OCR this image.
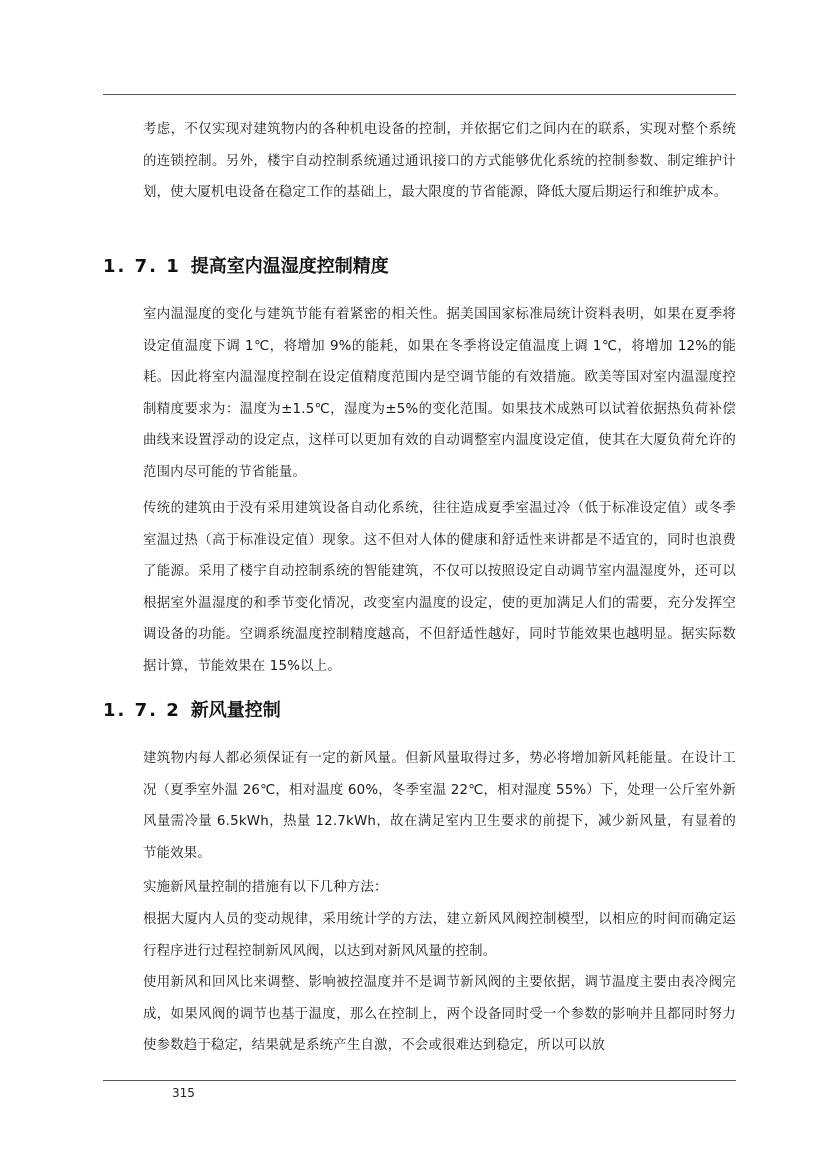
考虑，不仅实现对建筑物内的各种机电设备的控制，并依据它们之间内在的联系，实现对整个系统的连锁控制。另外，楼宇自动控制系统通过通讯接口的方式能够优化系统的控制参数、制定维护计划，使大厦机电设备在稳定工作的基础上，最大限度的节省能源，降低大厦后期运行和维护成本。

1. 7. 1 提高室内温湿度控制精度

室内温湿度的变化与建筑节能有着紧密的相关性。据美国国家标准局统计资料表明，如果在夏季将设定值温度下调 1℃，将增加 9%的能耗，如果在冬季将设定值温度上调 1℃，将增加 12%的能耗。因此将室内温湿度控制在设定值精度范围内是空调节能的有效措施。欧美等国对室内温湿度控制精度要求为：温度为±1.5℃，湿度为±5%的变化范围。如果技术成熟可以试着依据热负荷补偿曲线来设置浮动的设定点，这样可以更加有效的自动调整室内温度设定值，使其在大厦负荷允许的范围内尽可能的节省能量。

传统的建筑由于没有采用建筑设备自动化系统，往往造成夏季室温过冷（低于标准设定值）或冬季室温过热（高于标准设定值）现象。这不但对人体的健康和舒适性来讲都是不适宜的，同时也浪费了能源。采用了楼宇自动控制系统的智能建筑，不仅可以按照设定自动调节室内温湿度外，还可以根据室外温湿度的和季节变化情况，改变室内温度的设定，使的更加满足人们的需要，充分发挥空调设备的功能。空调系统温度控制精度越高，不但舒适性越好，同时节能效果也越明显。据实际数据计算，节能效果在 15%以上。

1. 7. 2 新风量控制

建筑物内每人都必须保证有一定的新风量。但新风量取得过多，势必将增加新风耗能量。在设计工况（夏季室外温 26℃，相对温度 60%，冬季室温 22℃，相对湿度 55%）下，处理一公斤室外新风量需冷量 6.5kWh，热量 12.7kWh，故在满足室内卫生要求的前提下，减少新风量，有显着的节能效果。

实施新风量控制的措施有以下几种方法：

根据大厦内人员的变动规律，采用统计学的方法，建立新风风阀控制模型，以相应的时间而确定运行程序进行过程控制新风风阀，以达到对新风风量的控制。

使用新风和回风比来调整、影响被控温度并不是调节新风阀的主要依据，调节温度主要由表冷阀完成，如果风阀的调节也基于温度，那么在控制上，两个设备同时受一个参数的影响并且都同时努力使参数趋于稳定，结果就是系统产生自激，不会或很难达到稳定，所以可以放

315
